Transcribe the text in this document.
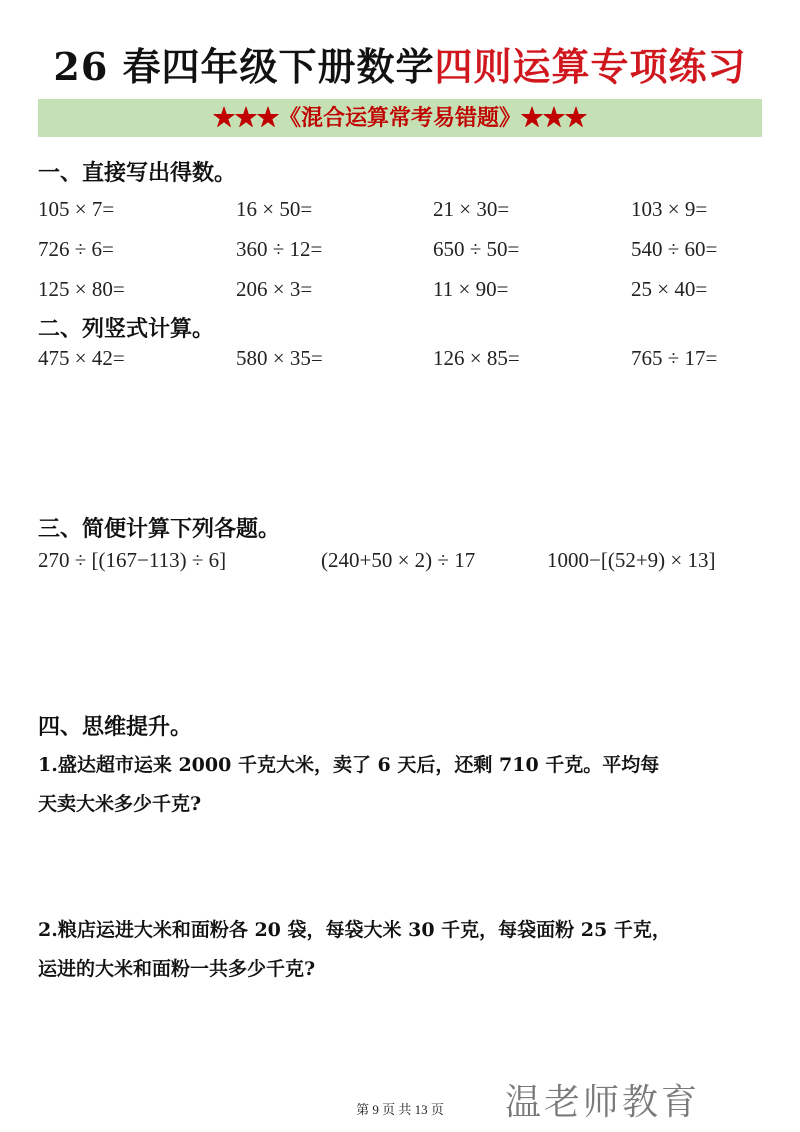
26 春四年级下册数学四则运算专项练习
★★★《混合运算常考易错题》★★★
一、直接写出得数。
105 × 7=	16 × 50=	21 × 30=	103 × 9=
726 ÷ 6=	360 ÷ 12=	650 ÷ 50=	540 ÷ 60=
125 × 80=	206 × 3=	11 × 90=	25 × 40=
二、列竖式计算。
475 × 42=	580 × 35=	126 × 85=	765 ÷ 17=
三、简便计算下列各题。
270 ÷ [(167−113) ÷ 6]	(240+50 × 2) ÷ 17	1000−[(52+9) × 13]
四、思维提升。
1.盛达超市运来 2000 千克大米，卖了 6 天后，还剩 710 千克。平均每
天卖大米多少千克?
2.粮店运进大米和面粉各 20 袋，每袋大米 30 千克，每袋面粉 25 千克，
运进的大米和面粉一共多少千克?
第 9 页 共 13 页	温老师教育
